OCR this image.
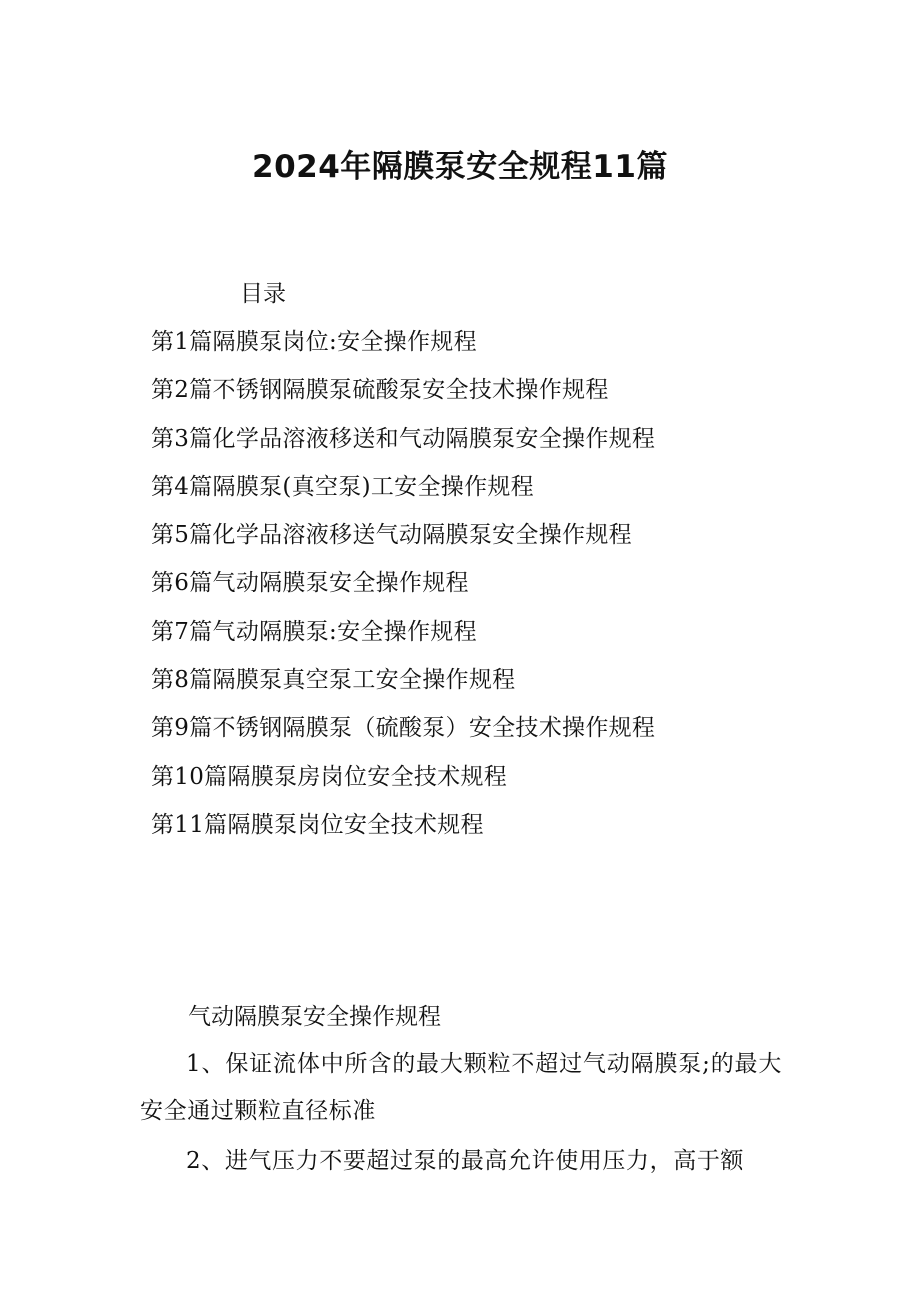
2024年隔膜泵安全规程11篇

目录

第1篇隔膜泵岗位:安全操作规程
第2篇不锈钢隔膜泵硫酸泵安全技术操作规程
第3篇化学品溶液移送和气动隔膜泵安全操作规程
第4篇隔膜泵(真空泵)工安全操作规程
第5篇化学品溶液移送气动隔膜泵安全操作规程
第6篇气动隔膜泵安全操作规程
第7篇气动隔膜泵:安全操作规程
第8篇隔膜泵真空泵工安全操作规程
第9篇不锈钢隔膜泵（硫酸泵）安全技术操作规程
第10篇隔膜泵房岗位安全技术规程
第11篇隔膜泵岗位安全技术规程

气动隔膜泵安全操作规程

1、保证流体中所含的最大颗粒不超过气动隔膜泵;的最大安全通过颗粒直径标准

2、进气压力不要超过泵的最高允许使用压力，高于额
